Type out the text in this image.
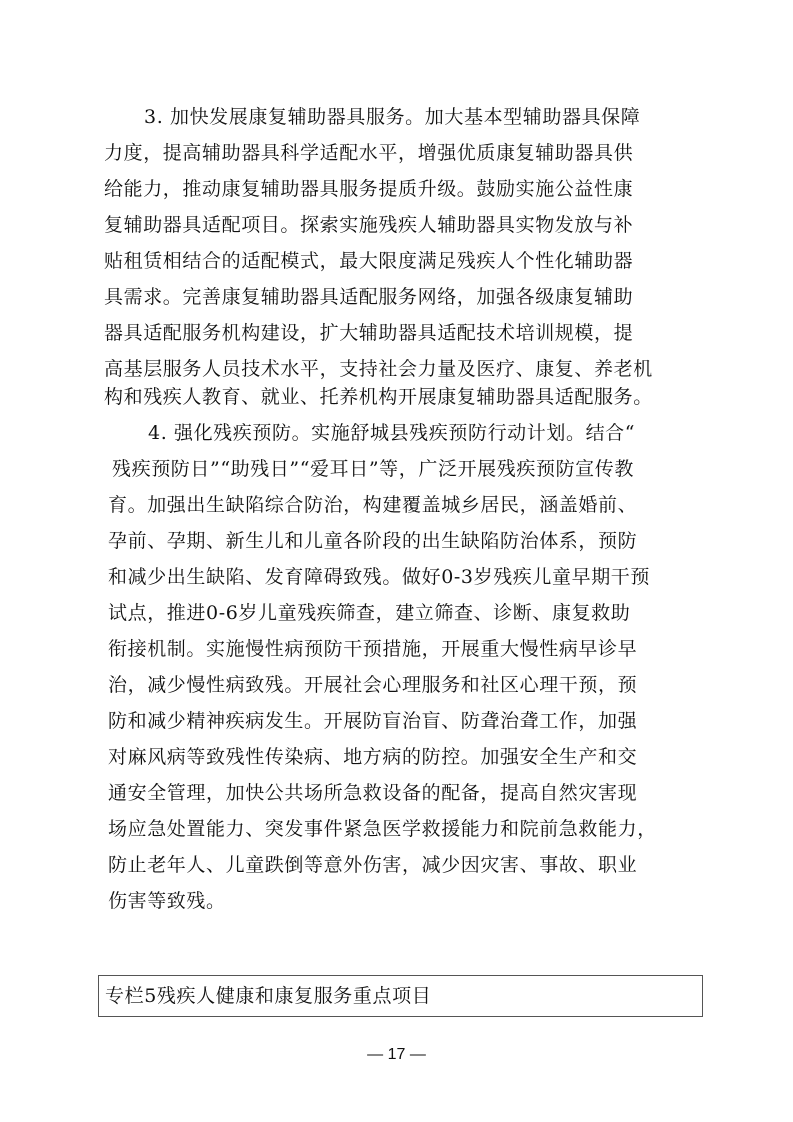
3. 加快发展康复辅助器具服务。加大基本型辅助器具保障
力度，提高辅助器具科学适配水平，增强优质康复辅助器具供
给能力，推动康复辅助器具服务提质升级。鼓励实施公益性康
复辅助器具适配项目。探索实施残疾人辅助器具实物发放与补
贴租赁相结合的适配模式，最大限度满足残疾人个性化辅助器
具需求。完善康复辅助器具适配服务网络，加强各级康复辅助
器具适配服务机构建设，扩大辅助器具适配技术培训规模，提
高基层服务人员技术水平，支持社会力量及医疗、康复、养老机
构和残疾人教育、就业、托养机构开展康复辅助器具适配服务。
4. 强化残疾预防。实施舒城县残疾预防行动计划。结合“
残疾预防日”“助残日”“爱耳日”等，广泛开展残疾预防宣传教
育。加强出生缺陷综合防治，构建覆盖城乡居民，涵盖婚前、
孕前、孕期、新生儿和儿童各阶段的出生缺陷防治体系，预防
和减少出生缺陷、发育障碍致残。做好0-3岁残疾儿童早期干预
试点，推进0-6岁儿童残疾筛查，建立筛查、诊断、康复救助
衔接机制。实施慢性病预防干预措施，开展重大慢性病早诊早
治，减少慢性病致残。开展社会心理服务和社区心理干预，预
防和减少精神疾病发生。开展防盲治盲、防聋治聋工作，加强
对麻风病等致残性传染病、地方病的防控。加强安全生产和交
通安全管理，加快公共场所急救设备的配备，提高自然灾害现
场应急处置能力、突发事件紧急医学救援能力和院前急救能力，
防止老年人、儿童跌倒等意外伤害，减少因灾害、事故、职业
伤害等致残。
专栏5残疾人健康和康复服务重点项目
— 17 —
